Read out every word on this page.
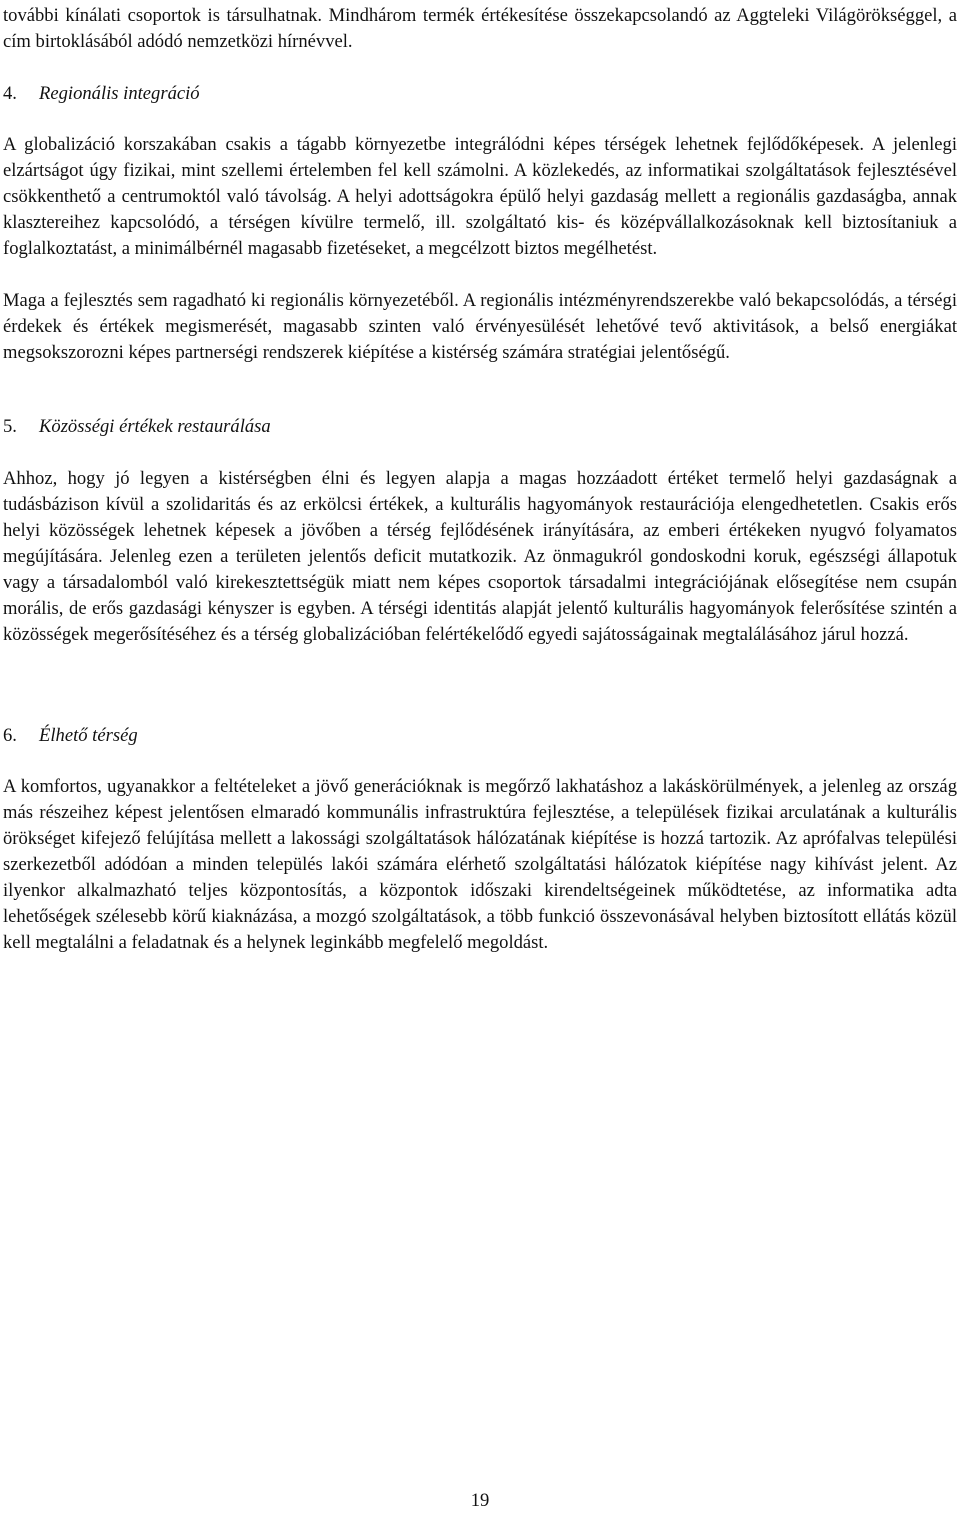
további kínálati csoportok is társulhatnak. Mindhárom termék értékesítése összekapcsolandó az Aggteleki Világörökséggel, a cím birtoklásából adódó nemzetközi hírnévvel.

4. Regionális integráció

A globalizáció korszakában csakis a tágabb környezetbe integrálódni képes térségek lehetnek fejlődőképesek. A jelenlegi elzártságot úgy fizikai, mint szellemi értelemben fel kell számolni. A közlekedés, az informatikai szolgáltatások fejlesztésével csökkenthető a centrumoktól való távolság. A helyi adottságokra épülő helyi gazdaság mellett a regionális gazdaságba, annak klasztereihez kapcsolódó, a térségen kívülre termelő, ill. szolgáltató kis- és középvállalkozásoknak kell biztosítaniuk a foglalkoztatást, a minimálbérnél magasabb fizetéseket, a megcélzott biztos megélhetést.

Maga a fejlesztés sem ragadható ki regionális környezetéből. A regionális intézményrendszerekbe való bekapcsolódás, a térségi érdekek és értékek megismerését, magasabb szinten való érvényesülését lehetővé tevő aktivitások, a belső energiákat megsokszorozni képes partnerségi rendszerek kiépítése a kistérség számára stratégiai jelentőségű.

5. Közösségi értékek restaurálása

Ahhoz, hogy jó legyen a kistérségben élni és legyen alapja a magas hozzáadott értéket termelő helyi gazdaságnak a tudásbázison kívül a szolidaritás és az erkölcsi értékek, a kulturális hagyományok restaurációja elengedhetetlen. Csakis erős helyi közösségek lehetnek képesek a jövőben a térség fejlődésének irányítására, az emberi értékeken nyugvó folyamatos megújítására. Jelenleg ezen a területen jelentős deficit mutatkozik. Az önmagukról gondoskodni koruk, egészségi állapotuk vagy a társadalomból való kirekesztettségük miatt nem képes csoportok társadalmi integrációjának elősegítése nem csupán morális, de erős gazdasági kényszer is egyben. A térségi identitás alapját jelentő kulturális hagyományok felerősítése szintén a közösségek megerősítéséhez és a térség globalizációban felértékelődő egyedi sajátosságainak megtalálásához járul hozzá.

6. Élhető térség

A komfortos, ugyanakkor a feltételeket a jövő generációknak is megőrző lakhatáshoz a lakáskörülmények, a jelenleg az ország más részeihez képest jelentősen elmaradó kommunális infrastruktúra fejlesztése, a települések fizikai arculatának a kulturális örökséget kifejező felújítása mellett a lakossági szolgáltatások hálózatának kiépítése is hozzá tartozik. Az aprófalvas települési szerkezetből adódóan a minden település lakói számára elérhető szolgáltatási hálózatok kiépítése nagy kihívást jelent. Az ilyenkor alkalmazható teljes központosítás, a központok időszaki kirendeltségeinek működtetése, az informatika adta lehetőségek szélesebb körű kiaknázása, a mozgó szolgáltatások, a több funkció összevonásával helyben biztosított ellátás közül kell megtalálni a feladatnak és a helynek leginkább megfelelő megoldást.

19
